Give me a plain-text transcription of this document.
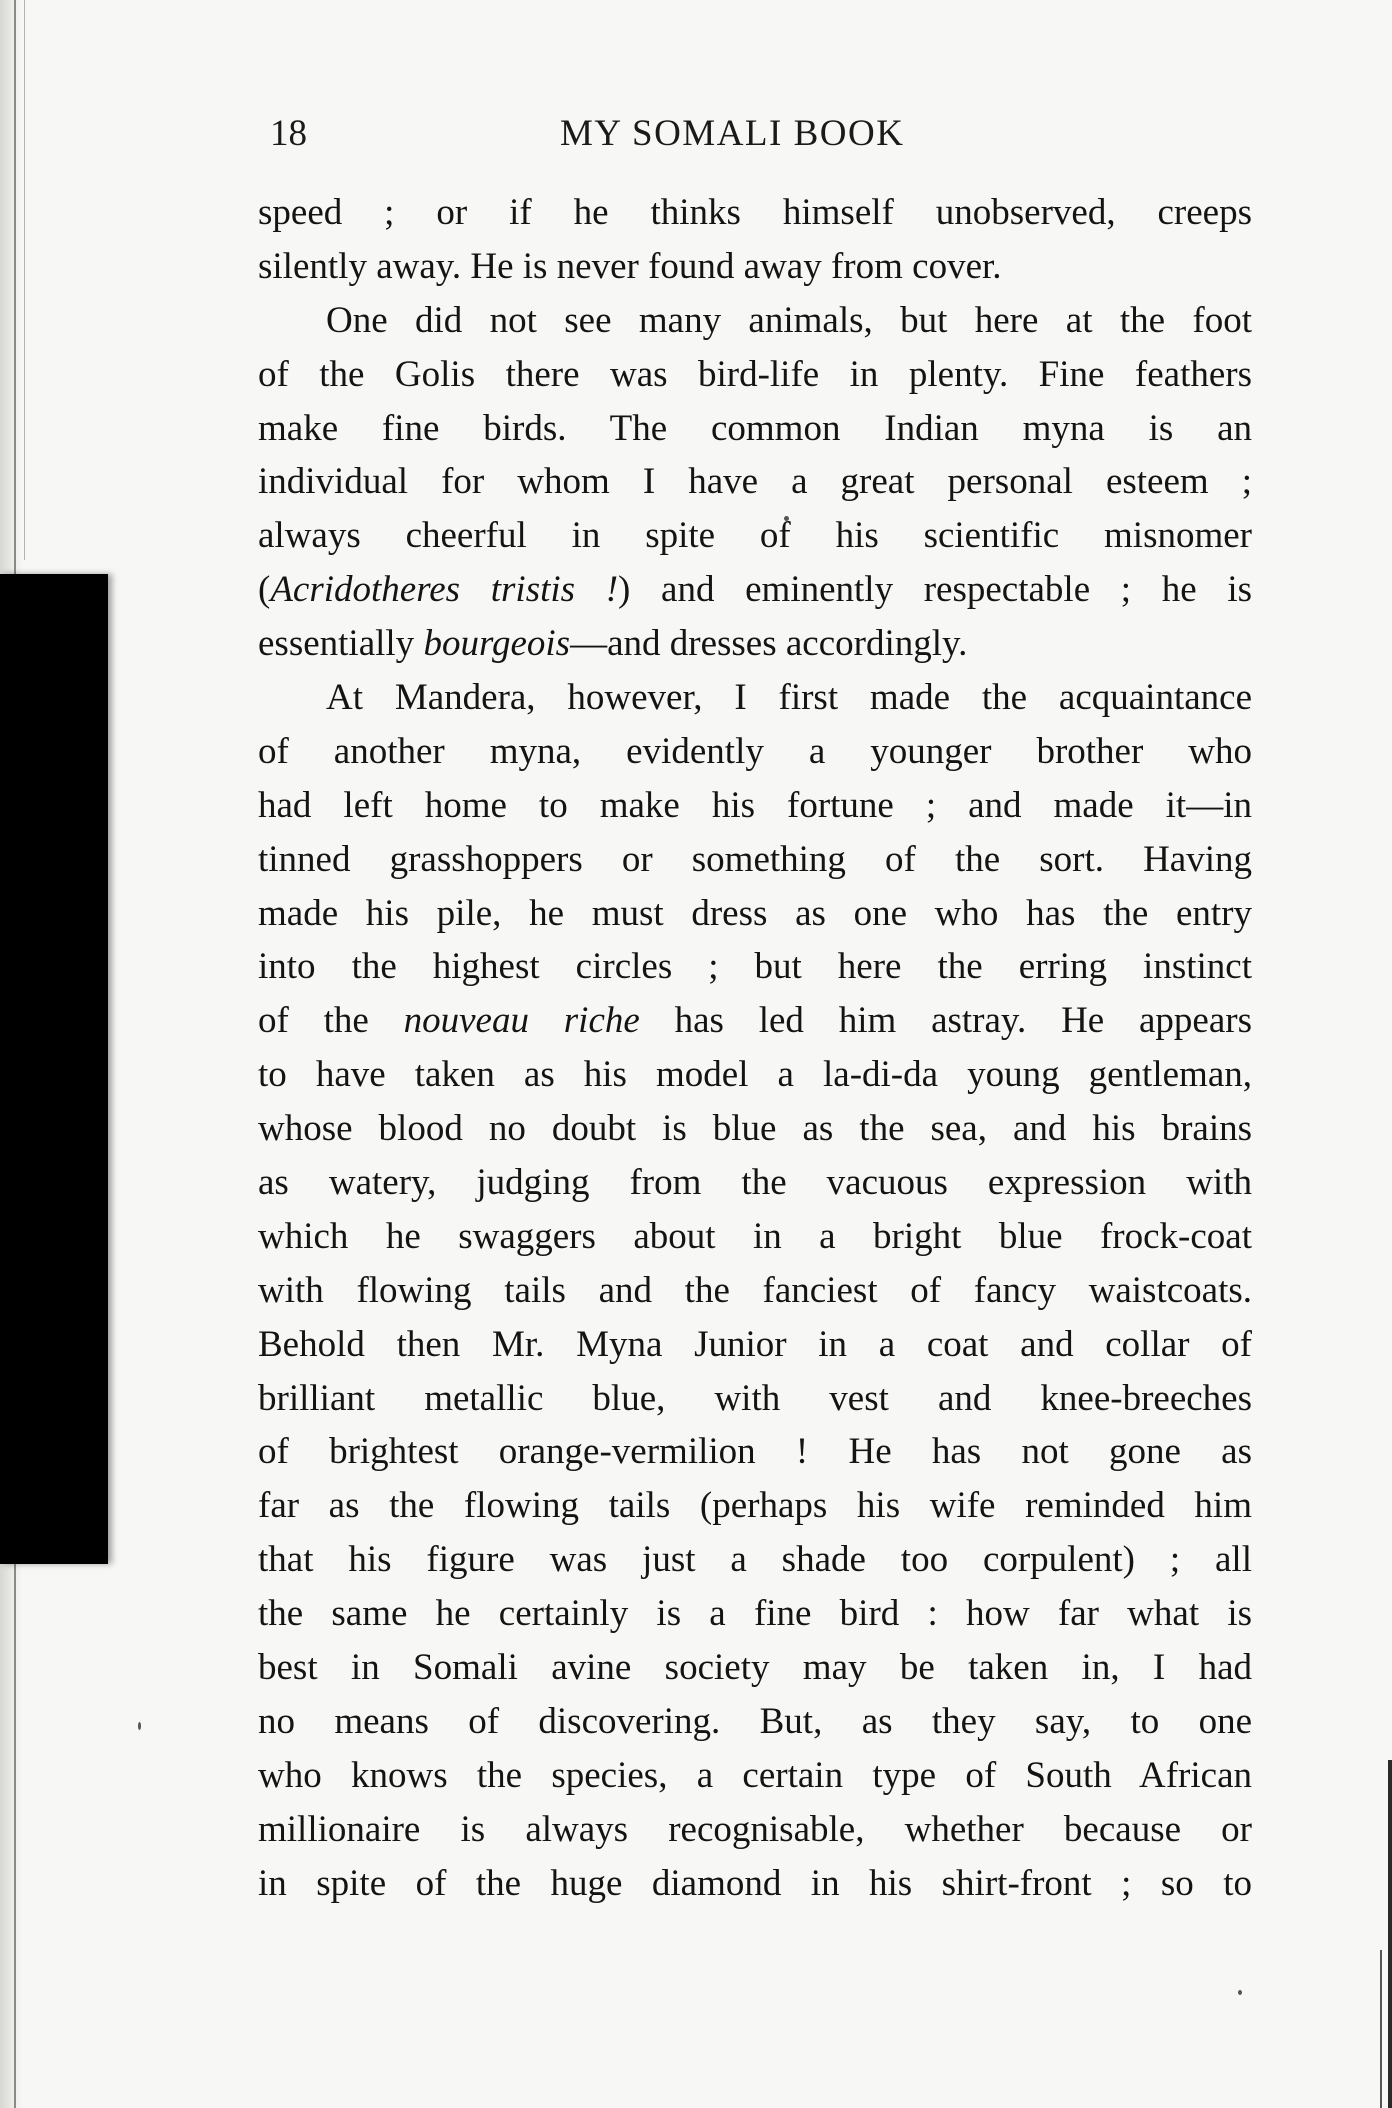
18	MY SOMALI BOOK
speed ; or if he thinks himself unobserved, creeps
silently away. He is never found away from cover.
One did not see many animals, but here at the foot
of the Golis there was bird-life in plenty. Fine feathers
make fine birds. The common Indian myna is an
individual for whom I have a great personal esteem ;
always cheerful in spite of his scientific misnomer
(Acridotheres tristis !) and eminently respectable ; he is
essentially bourgeois—and dresses accordingly.
At Mandera, however, I first made the acquaintance
of another myna, evidently a younger brother who
had left home to make his fortune ; and made it—in
tinned grasshoppers or something of the sort. Having
made his pile, he must dress as one who has the entry
into the highest circles ; but here the erring instinct
of the nouveau riche has led him astray. He appears
to have taken as his model a la-di-da young gentleman,
whose blood no doubt is blue as the sea, and his brains
as watery, judging from the vacuous expression with
which he swaggers about in a bright blue frock-coat
with flowing tails and the fanciest of fancy waistcoats.
Behold then Mr. Myna Junior in a coat and collar of
brilliant metallic blue, with vest and knee-breeches
of brightest orange-vermilion ! He has not gone as
far as the flowing tails (perhaps his wife reminded him
that his figure was just a shade too corpulent) ; all
the same he certainly is a fine bird : how far what is
best in Somali avine society may be taken in, I had
no means of discovering. But, as they say, to one
who knows the species, a certain type of South African
millionaire is always recognisable, whether because or
in spite of the huge diamond in his shirt-front ; so to
